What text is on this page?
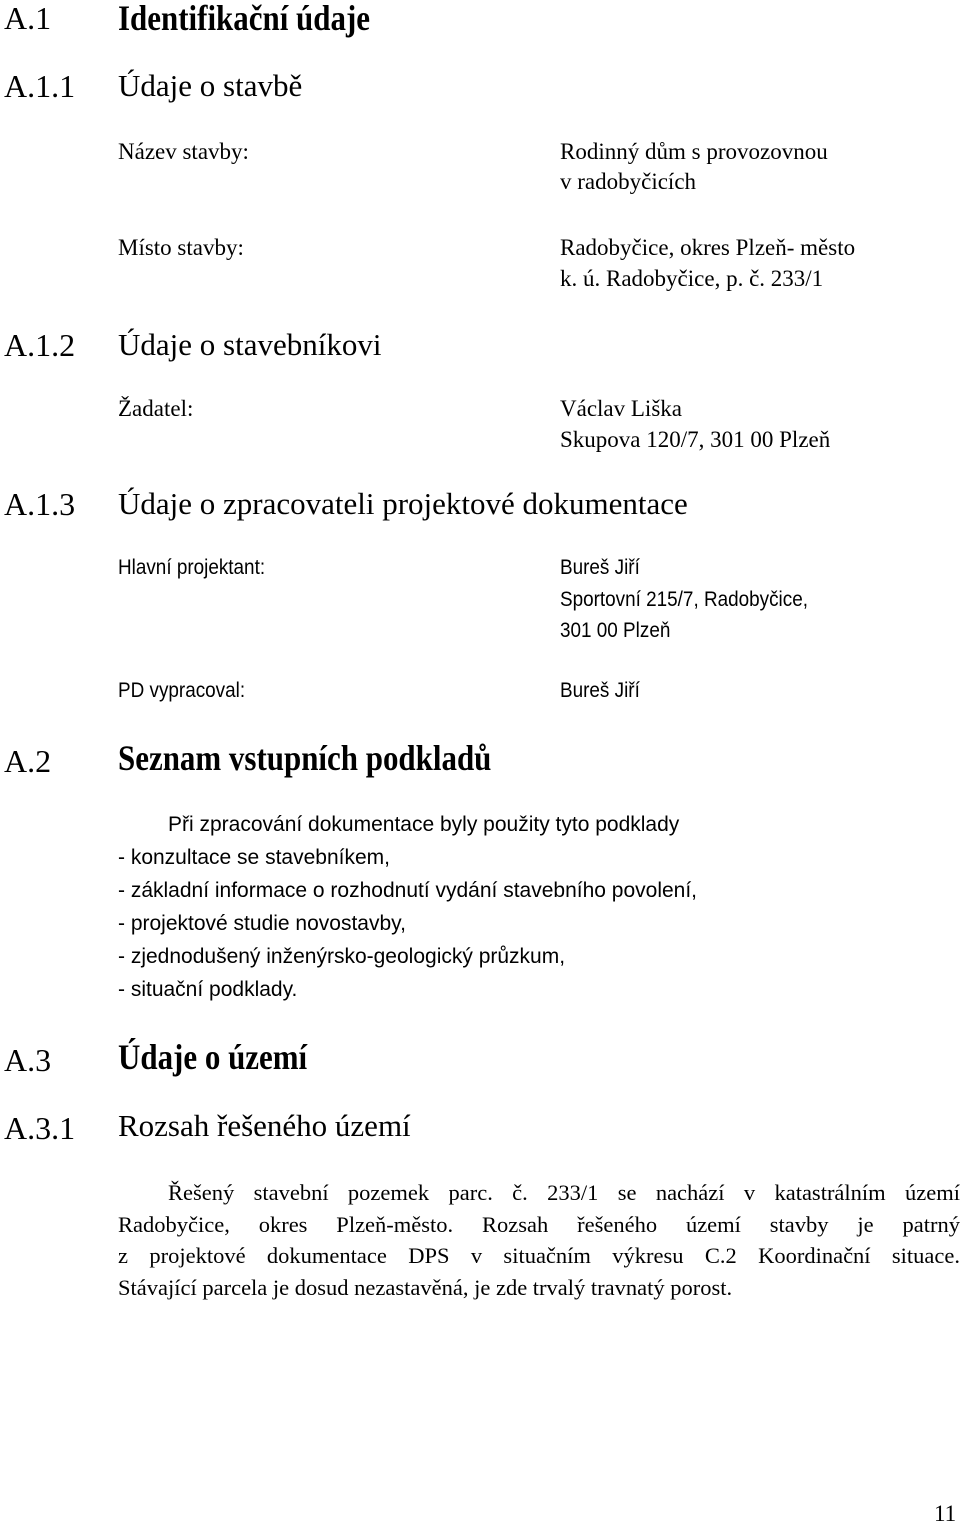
A.1 Identifikační údaje
A.1.1 Údaje o stavbě
Název stavby:	Rodinný dům s provozovnou
v radobyčicích
Místo stavby:	Radobyčice, okres Plzeň- město
k. ú. Radobyčice, p. č. 233/1
A.1.2 Údaje o stavebníkovi
Žadatel:	Václav Liška
Skupova 120/7, 301 00 Plzeň
A.1.3 Údaje o zpracovateli projektové dokumentace
Hlavní projektant:	Bureš Jiří
Sportovní 215/7, Radobyčice,
301 00 Plzeň
PD vypracoval:	Bureš Jiří
A.2 Seznam vstupních podkladů
Při zpracování dokumentace byly použity tyto podklady
- konzultace se stavebníkem,
- základní informace o rozhodnutí vydání stavebního povolení,
- projektové studie novostavby,
- zjednodušený inženýrsko-geologický průzkum,
- situační podklady.
A.3 Údaje o území
A.3.1 Rozsah řešeného území
Řešený stavební pozemek parc. č. 233/1 se nachází v katastrálním území
Radobyčice, okres Plzeň-město. Rozsah řešeného území stavby je patrný
z projektové dokumentace DPS v situačním výkresu C.2 Koordinační situace.
Stávající parcela je dosud nezastavěná, je zde trvalý travnatý porost.
11
